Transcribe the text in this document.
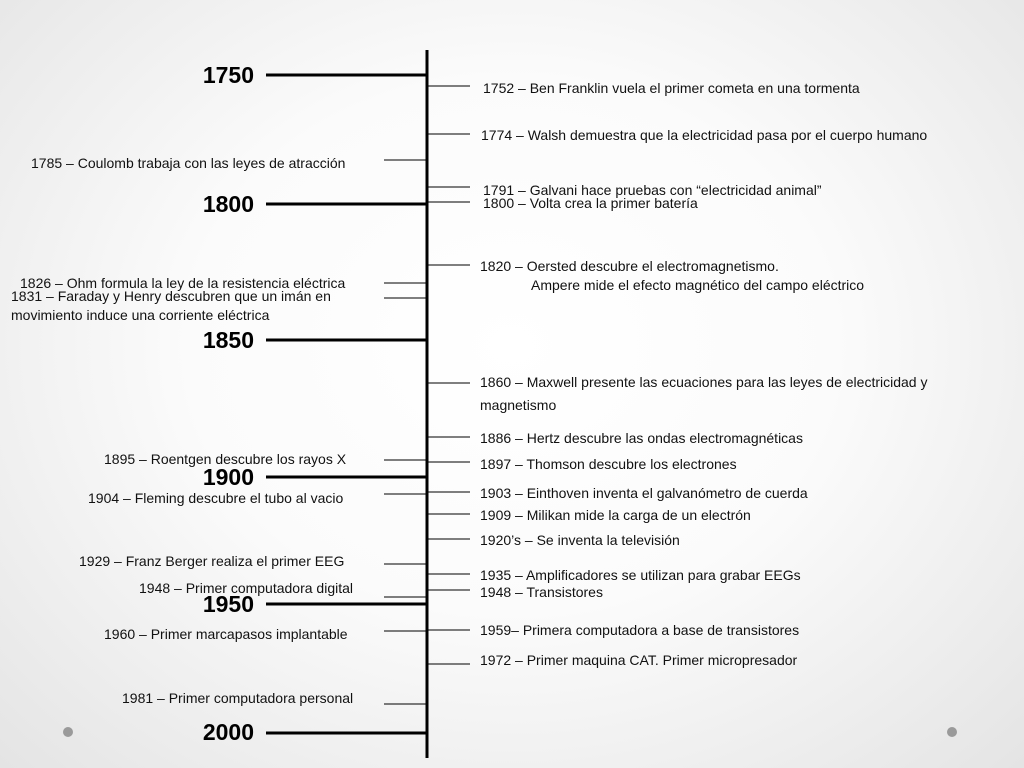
1750
1800
1850
1900
1950
2000
1752 – Ben Franklin vuela el primer cometa en una tormenta
1774 – Walsh demuestra que la electricidad pasa por el cuerpo humano
1791 – Galvani hace pruebas con “electricidad animal”
1800 – Volta crea la primer batería
1820 – Oersted descubre el electromagnetismo.
Ampere mide el efecto magnético del campo eléctrico
1860 – Maxwell presente las ecuaciones para las leyes de electricidad y
magnetismo
1886 – Hertz descubre las ondas electromagnéticas
1897 – Thomson descubre los electrones
1903 – Einthoven inventa el galvanómetro de cuerda
1909 – Milikan mide la carga de un electrón
1920’s – Se inventa la televisión
1935 – Amplificadores se utilizan para grabar EEGs
1948 – Transistores
1959– Primera computadora a base de transistores
1972 – Primer maquina CAT. Primer micropresador
1785 – Coulomb trabaja con las leyes de atracción
1826 – Ohm formula la ley de la resistencia eléctrica
1831 – Faraday y Henry descubren que un imán en
movimiento induce una corriente eléctrica
1895 – Roentgen descubre los rayos X
1904 – Fleming descubre el tubo al vacio
1929 – Franz Berger realiza el primer EEG
1948 – Primer computadora digital
1960 – Primer marcapasos implantable
1981 – Primer computadora personal
